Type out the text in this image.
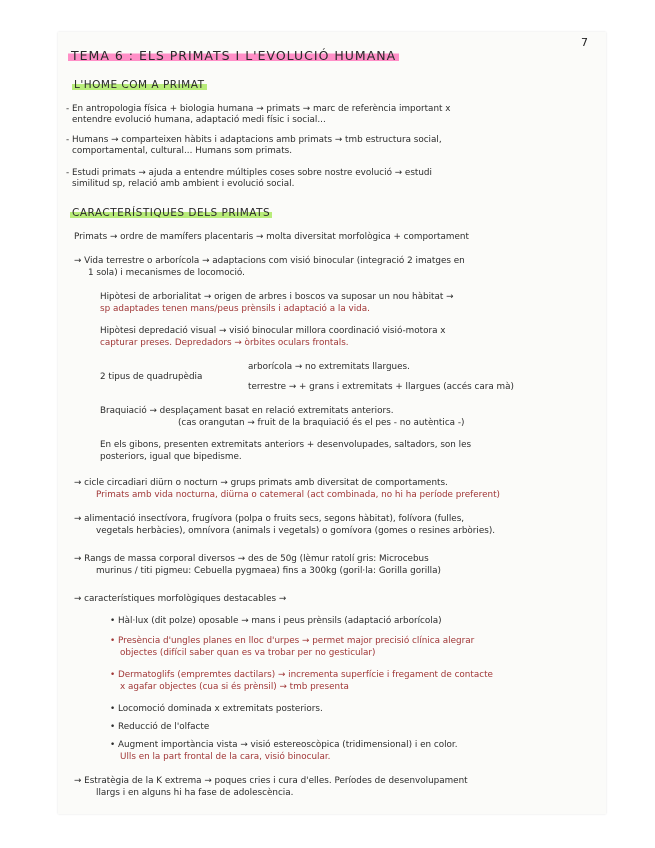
7
TEMA 6 : ELS PRIMATS I L'EVOLUCIÓ HUMANA
L'HOME COM A PRIMAT
- En antropologia física + biologia humana → primats → marc de referència important x
entendre evolució humana, adaptació medi físic i social...
- Humans → comparteixen hàbits i adaptacions amb primats → tmb estructura social,
comportamental, cultural... Humans som primats.
- Estudi primats → ajuda a entendre múltiples coses sobre nostre evolució → estudi
similitud sp, relació amb ambient i evolució social.
CARACTERÍSTIQUES DELS PRIMATS
Primats → ordre de mamífers placentaris → molta diversitat morfològica + comportament
→ Vida terrestre o arborícola → adaptacions com visió binocular (integració 2 imatges en
1 sola) i mecanismes de locomoció.
Hipòtesi de arborialitat → origen de arbres i boscos va suposar un nou hàbitat →
sp adaptades tenen mans/peus prènsils i adaptació a la vida.
Hipòtesi depredació visual → visió binocular millora coordinació visió-motora x
capturar preses. Depredadors → òrbites oculars frontals.
2 tipus de quadrupèdia
arborícola → no extremitats llargues.
terrestre → + grans i extremitats + llargues (accés cara mà)
Braquiació → desplaçament basat en relació extremitats anteriors.
(cas orangutan → fruit de la braquiació és el pes - no autèntica -)
En els gibons, presenten extremitats anteriors + desenvolupades, saltadors, son les
posteriors, igual que bipedisme.
→ cicle circadiari diürn o nocturn → grups primats amb diversitat de comportaments.
Primats amb vida nocturna, diürna o catemeral (act combinada, no hi ha període preferent)
→ alimentació insectívora, frugívora (polpa o fruits secs, segons hàbitat), folívora (fulles,
vegetals herbàcies), omnívora (animals i vegetals) o gomívora (gomes o resines arbòries).
→ Rangs de massa corporal diversos → des de 50g (lèmur ratolí gris: Microcebus
murinus / titi pigmeu: Cebuella pygmaea) fins a 300kg (goril·la: Gorilla gorilla)
→ característiques morfològiques destacables →
• Hàl·lux (dit polze) oposable → mans i peus prènsils (adaptació arborícola)
• Presència d'ungles planes en lloc d'urpes → permet major precisió clínica alegrar
objectes (difícil saber quan es va trobar per no gesticular)
• Dermatoglifs (empremtes dactilars) → incrementa superfície i fregament de contacte
x agafar objectes (cua si és prènsil) → tmb presenta
• Locomoció dominada x extremitats posteriors.
• Reducció de l'olfacte
• Augment importància vista → visió estereoscòpica (tridimensional) i en color.
Ulls en la part frontal de la cara, visió binocular.
→ Estratègia de la K extrema → poques cries i cura d'elles. Períodes de desenvolupament
llargs i en alguns hi ha fase de adolescència.
